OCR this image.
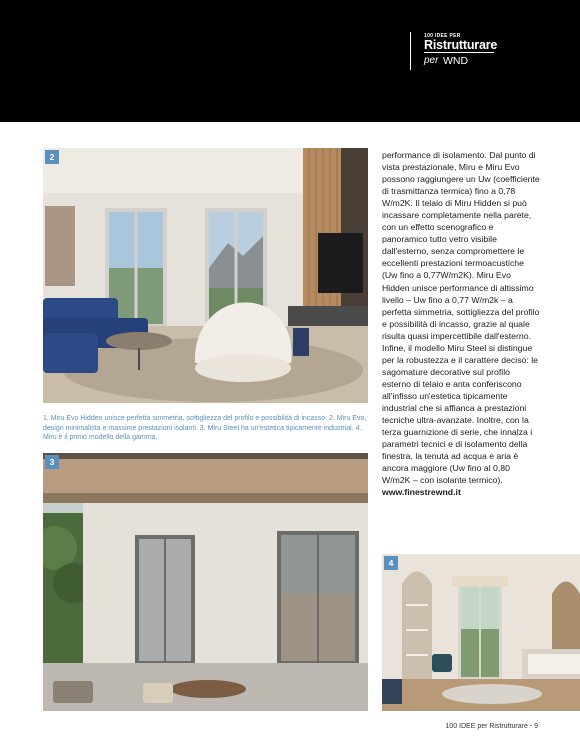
100 IDEE PER
Ristrutturare
per WND
2
1. Miru Evo Hidden unisce perfetta simmetria, sottigliezza del profilo e possibilità di incasso. 2. Miru Evo, design minimalista e massime prestazioni isolanti. 3. Miru Steel ha un'estetica tipicamente industrial. 4. Miru è il primo modello della gamma.
3

performance di isolamento. Dal punto di vista prestazionale, Miru e Miru Evo possono raggiungere un Uw (coefficiente di trasmittanza termica) fino a 0,78 W/m2K. Il telaio di Miru Hidden si può incassare completamente nella parete, con un effetto scenografico e panoramico tutto vetro visibile dall'esterno, senza compromettere le eccellenti prestazioni termoacustiche (Uw fino a 0,77W/m2K). Miru Evo Hidden unisce performance di altissimo livello – Uw fino a 0,77 W/m2k – a perfetta simmetria, sottigliezza del profilo e possibilità di incasso, grazie al quale risulta quasi impercettibile dall'esterno. Infine, il modello Miru Steel si distingue per la robustezza e il carattere deciso: le sagomature decorative sul profilo esterno di telaio e anta conferiscono all'infisso un'estetica tipicamente industrial che si affianca a prestazioni tecniche ultra-avanzate. Inoltre, con la terza guarnizione di serie, che innalza i parametri tecnici e di isolamento della finestra, la tenuta ad acqua e aria è ancora maggiore (Uw fino al 0,80 W/m2K – con isolante termico).

www.finestrewnd.it

4
100 IDEE per Ristrutturare - 9
